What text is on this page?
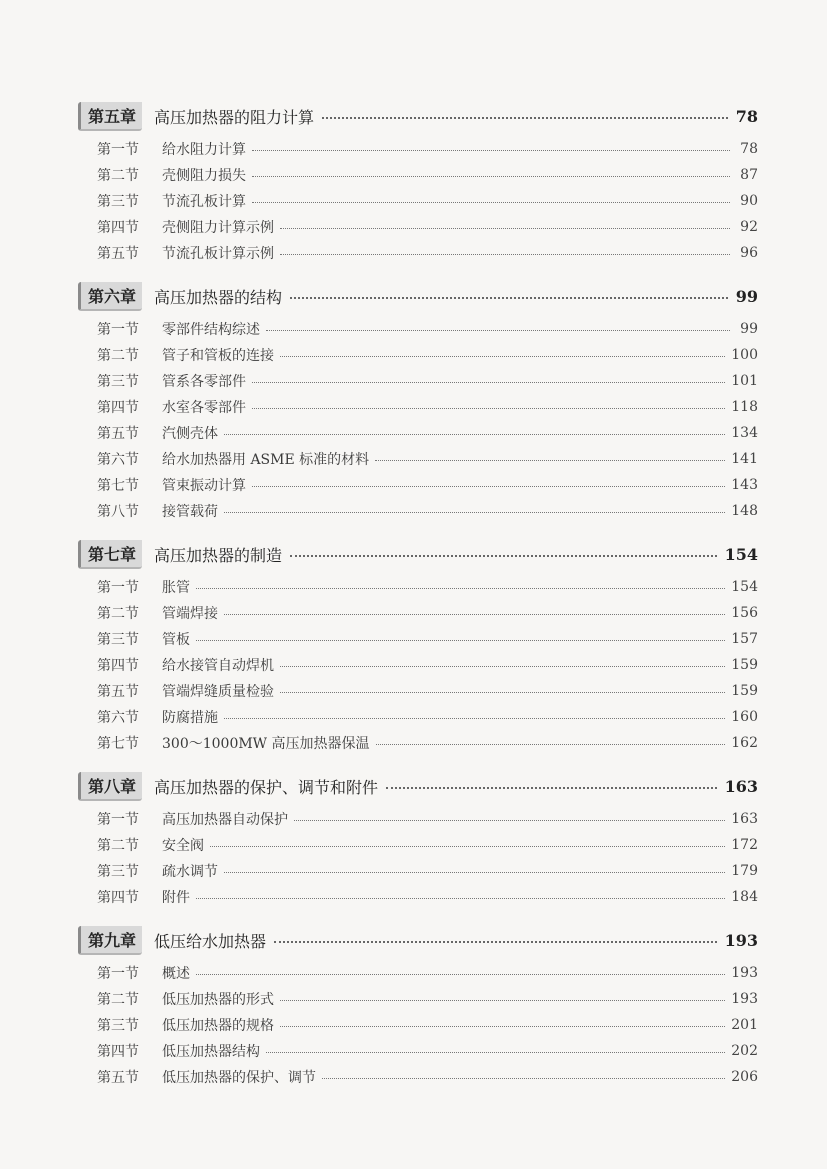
第五章	高压加热器的阻力计算	78
第一节	给水阻力计算	78
第二节	壳侧阻力损失	87
第三节	节流孔板计算	90
第四节	壳侧阻力计算示例	92
第五节	节流孔板计算示例	96
第六章	高压加热器的结构	99
第一节	零部件结构综述	99
第二节	管子和管板的连接	100
第三节	管系各零部件	101
第四节	水室各零部件	118
第五节	汽侧壳体	134
第六节	给水加热器用 ASME 标准的材料	141
第七节	管束振动计算	143
第八节	接管载荷	148
第七章	高压加热器的制造	154
第一节	胀管	154
第二节	管端焊接	156
第三节	管板	157
第四节	给水接管自动焊机	159
第五节	管端焊缝质量检验	159
第六节	防腐措施	160
第七节	300～1000MW 高压加热器保温	162
第八章	高压加热器的保护、调节和附件	163
第一节	高压加热器自动保护	163
第二节	安全阀	172
第三节	疏水调节	179
第四节	附件	184
第九章	低压给水加热器	193
第一节	概述	193
第二节	低压加热器的形式	193
第三节	低压加热器的规格	201
第四节	低压加热器结构	202
第五节	低压加热器的保护、调节	206
